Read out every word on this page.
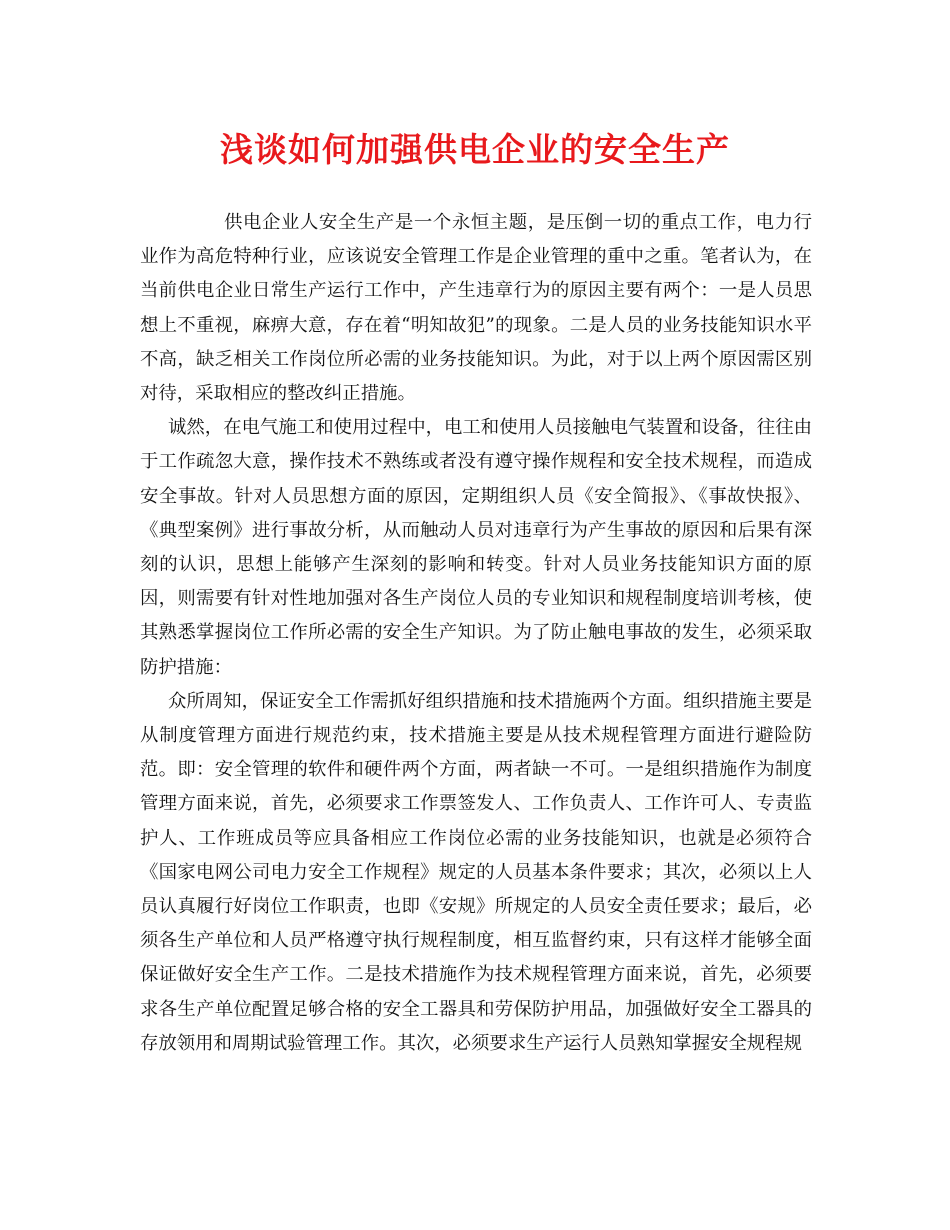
浅谈如何加强供电企业的安全生产

供电企业人安全生产是一个永恒主题，是压倒一切的重点工作，电力行业作为高危特种行业，应该说安全管理工作是企业管理的重中之重。笔者认为，在当前供电企业日常生产运行工作中，产生违章行为的原因主要有两个：一是人员思想上不重视，麻痹大意，存在着“明知故犯”的现象。二是人员的业务技能知识水平不高，缺乏相关工作岗位所必需的业务技能知识。为此，对于以上两个原因需区别对待，采取相应的整改纠正措施。

诚然，在电气施工和使用过程中，电工和使用人员接触电气装置和设备，往往由于工作疏忽大意，操作技术不熟练或者没有遵守操作规程和安全技术规程，而造成安全事故。针对人员思想方面的原因，定期组织人员《安全简报》、《事故快报》、《典型案例》进行事故分析，从而触动人员对违章行为产生事故的原因和后果有深刻的认识，思想上能够产生深刻的影响和转变。针对人员业务技能知识方面的原因，则需要有针对性地加强对各生产岗位人员的专业知识和规程制度培训考核，使其熟悉掌握岗位工作所必需的安全生产知识。为了防止触电事故的发生，必须采取防护措施：

众所周知，保证安全工作需抓好组织措施和技术措施两个方面。组织措施主要是从制度管理方面进行规范约束，技术措施主要是从技术规程管理方面进行避险防范。即：安全管理的软件和硬件两个方面，两者缺一不可。一是组织措施作为制度管理方面来说，首先，必须要求工作票签发人、工作负责人、工作许可人、专责监护人、工作班成员等应具备相应工作岗位必需的业务技能知识，也就是必须符合《国家电网公司电力安全工作规程》规定的人员基本条件要求；其次，必须以上人员认真履行好岗位工作职责，也即《安规》所规定的人员安全责任要求；最后，必须各生产单位和人员严格遵守执行规程制度，相互监督约束，只有这样才能够全面保证做好安全生产工作。二是技术措施作为技术规程管理方面来说，首先，必须要求各生产单位配置足够合格的安全工器具和劳保防护用品，加强做好安全工器具的存放领用和周期试验管理工作。其次，必须要求生产运行人员熟知掌握安全规程规
